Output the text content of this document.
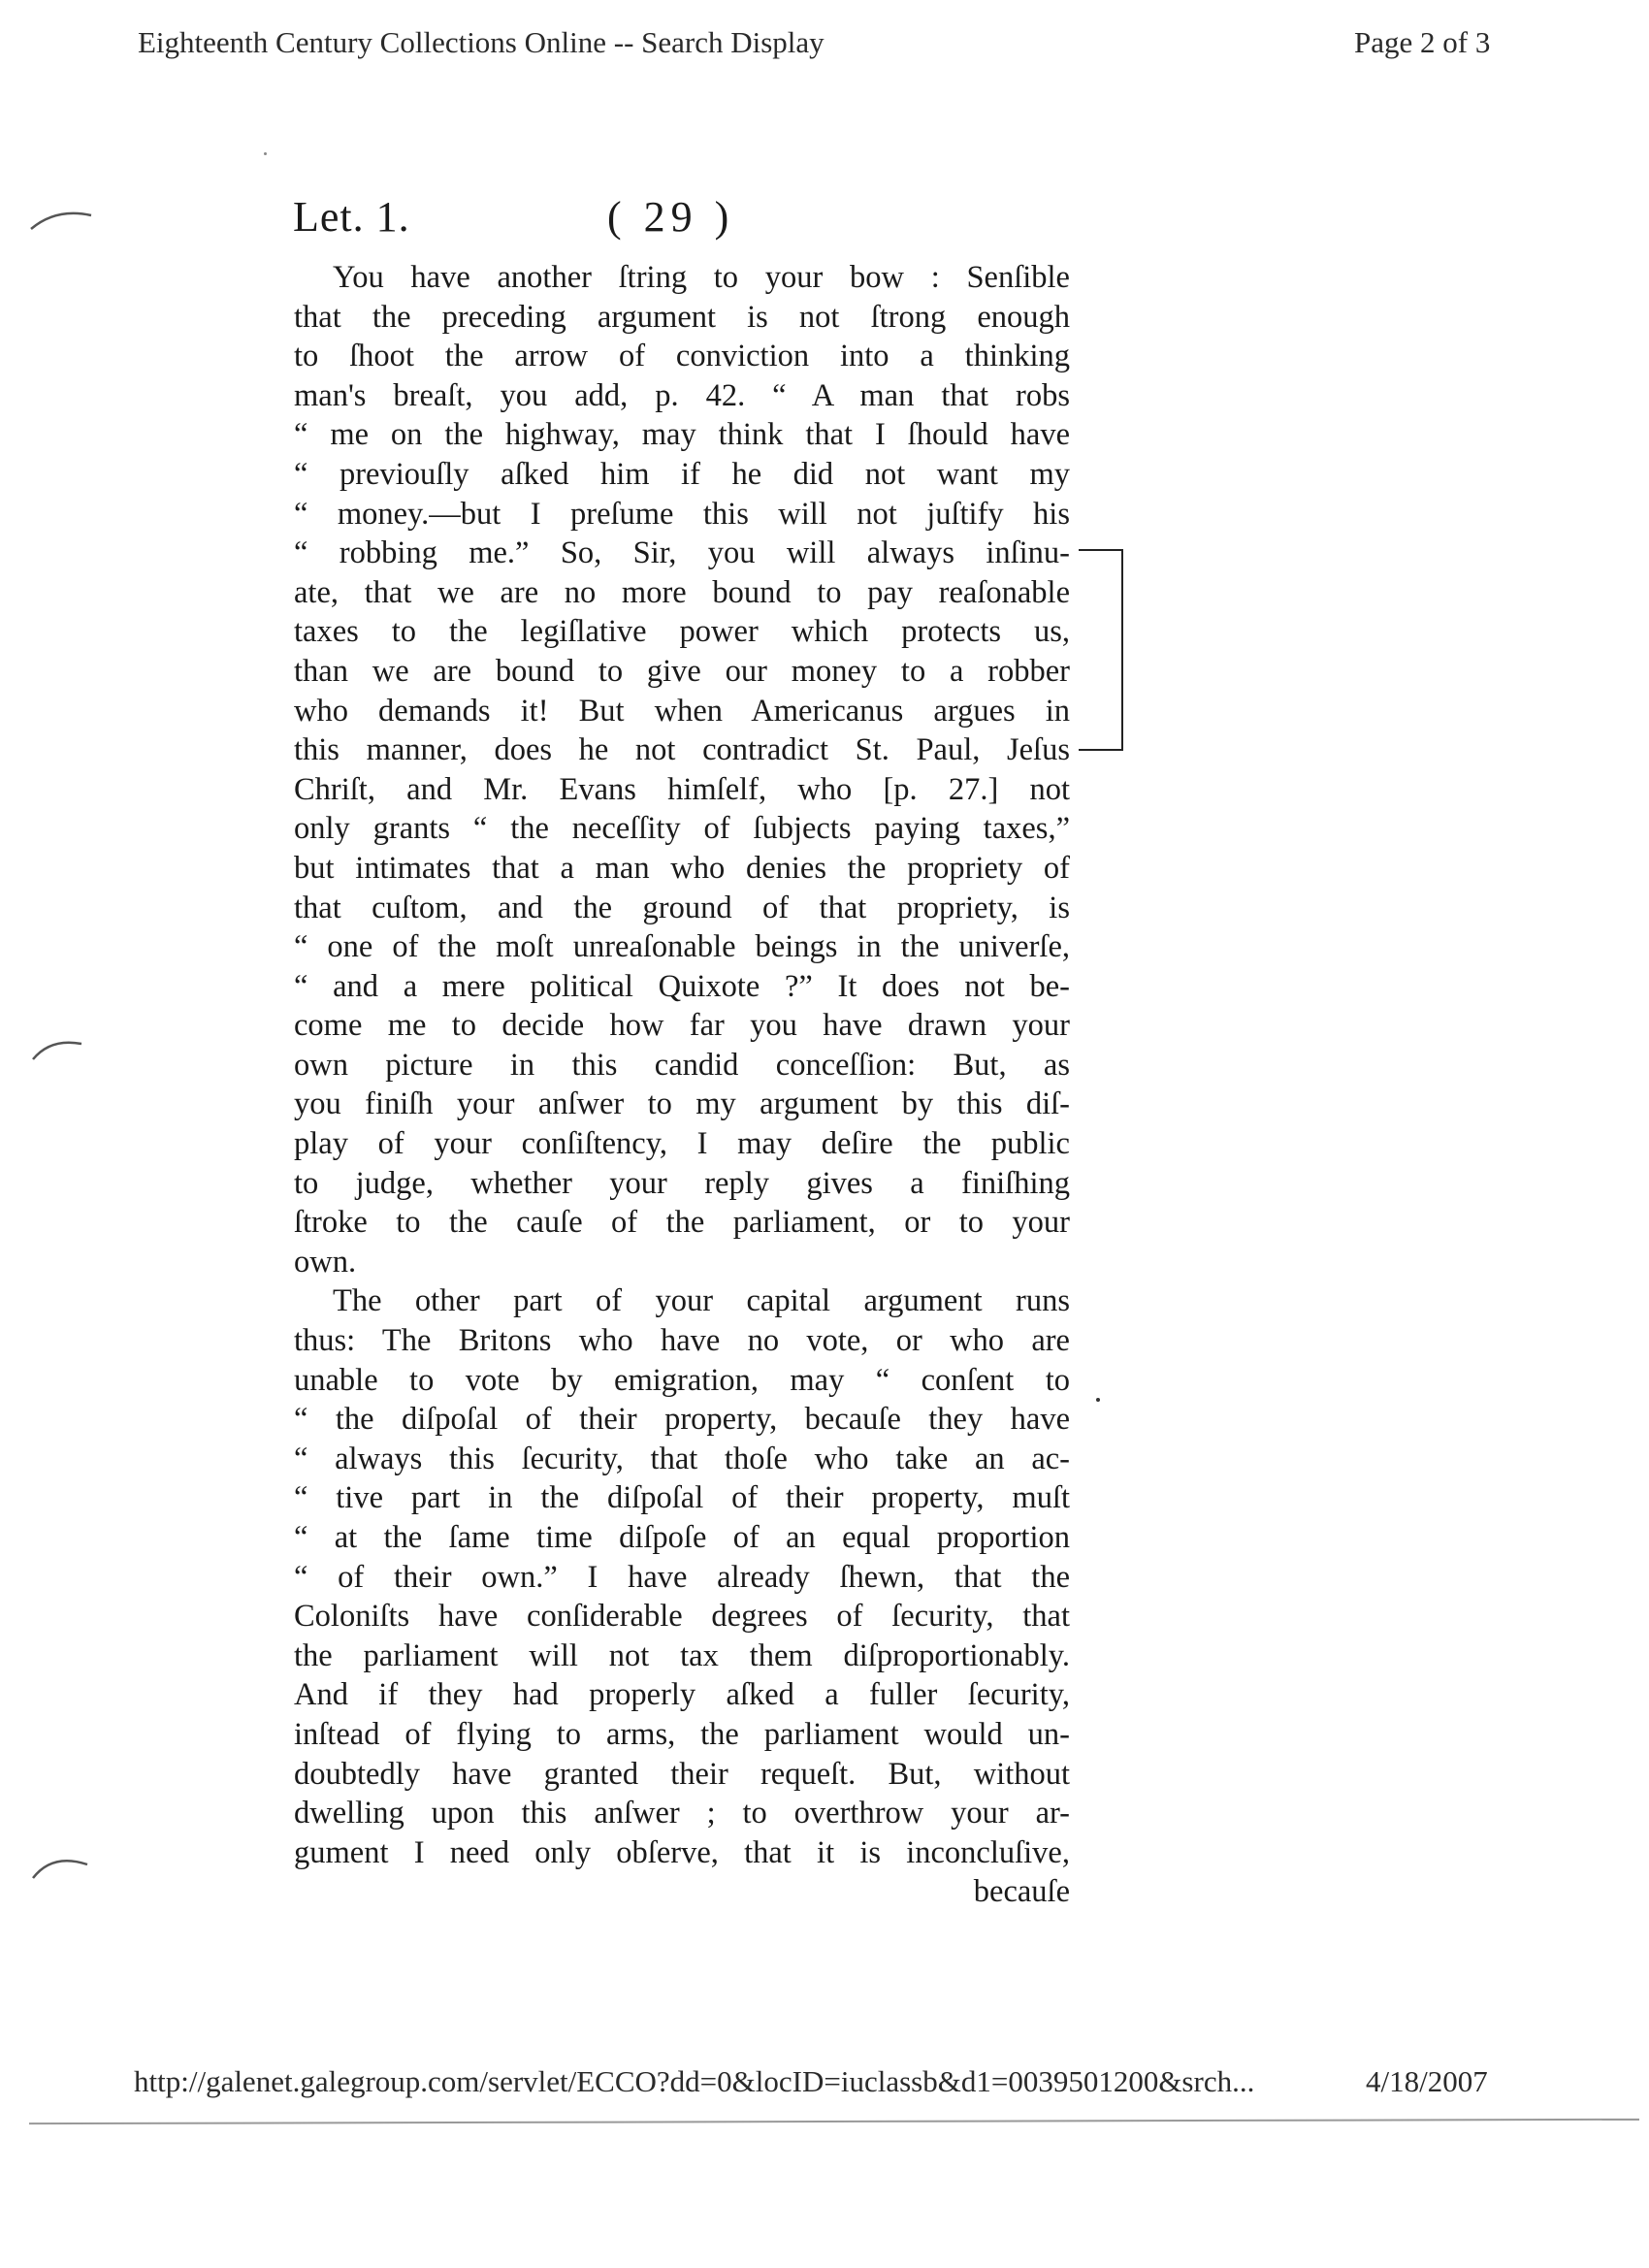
Eighteenth Century Collections Online -- Search Display	Page 2 of 3
Let. 1.	( 29 )
You have another ſtring to your bow : Senſible
that the preceding argument is not ſtrong enough
to ſhoot the arrow of conviction into a thinking
man's breaſt, you add, p. 42. “ A man that robs
“ me on the highway, may think that I ſhould have
“ previouſly aſked him if he did not want my
“ money.—but I preſume this will not juſtify his
“ robbing me.” So, Sir, you will always inſinu-
ate, that we are no more bound to pay reaſonable
taxes to the legiſlative power which protects us,
than we are bound to give our money to a robber
who demands it! But when Americanus argues in
this manner, does he not contradict St. Paul, Jeſus
Chriſt, and Mr. Evans himſelf, who [p. 27.] not
only grants “ the neceſſity of ſubjects paying taxes,”
but intimates that a man who denies the propriety of
that cuſtom, and the ground of that propriety, is
“ one of the moſt unreaſonable beings in the univerſe,
“ and a mere political Quixote ?” It does not be-
come me to decide how far you have drawn your
own picture in this candid conceſſion: But, as
you finiſh your anſwer to my argument by this diſ-
play of your conſiſtency, I may deſire the public
to judge, whether your reply gives a finiſhing
ſtroke to the cauſe of the parliament, or to your
own.
The other part of your capital argument runs
thus: The Britons who have no vote, or who are
unable to vote by emigration, may “ conſent to
“ the diſpoſal of their property, becauſe they have
“ always this ſecurity, that thoſe who take an ac-
“ tive part in the diſpoſal of their property, muſt
“ at the ſame time diſpoſe of an equal proportion
“ of their own.” I have already ſhewn, that the
Coloniſts have conſiderable degrees of ſecurity, that
the parliament will not tax them diſproportionably.
And if they had properly aſked a fuller ſecurity,
inſtead of flying to arms, the parliament would un-
doubtedly have granted their requeſt. But, without
dwelling upon this anſwer ; to overthrow your ar-
gument I need only obſerve, that it is inconcluſive,
becauſe
http://galenet.galegroup.com/servlet/ECCO?dd=0&locID=iuclassb&d1=0039501200&srch...	4/18/2007
